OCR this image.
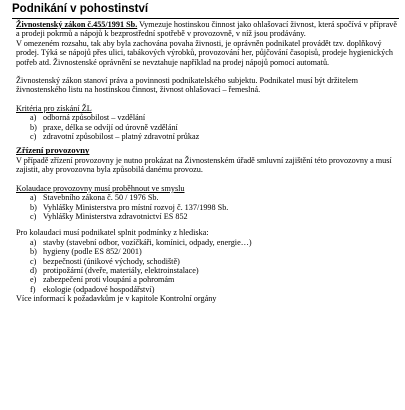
Podnikání v pohostinství

Živnostenský zákon č.455/1991 Sb. Vymezuje hostinskou činnost jako ohlašovací živnost, která spočívá v přípravě a prodeji pokrmů a nápojů k bezprostřední spotřebě v provozovně, v níž jsou prodávány.

V omezeném rozsahu, tak aby byla zachována povaha živnosti, je oprávněn podnikatel provádět tzv. doplňkový prodej. Týká se nápojů přes ulici, tabákových výrobků, provozování her, půjčování časopisů, prodeje hygienických potřeb atd. Živnostenské oprávnění se nevztahuje například na prodej nápojů pomocí automatů.

Živnostenský zákon stanoví práva a povinnosti podnikatelského subjektu. Podnikatel musí být držitelem živnostenského listu na hostinskou činnost, živnost ohlašovací – řemeslná.

Kritéria pro získání ŽL

a) odborná způsobilost – vzdělání
b) praxe, délka se odvíjí od úrovně vzdělání
c) zdravotní způsobilost – platný zdravotní průkaz

Zřízení provozovny

V případě zřízení provozovny je nutno prokázat na Živnostenském úřadě smluvní zajištění této provozovny a musí zajistit, aby provozovna byla způsobilá danému provozu.

Kolaudace provozovny musí proběhnout ve smyslu

a) Stavebního zákona č. 50 / 1976 Sb.
b) Vyhlášky Ministerstva pro místní rozvoj č. 137/1998 Sb.
c) Vyhlášky Ministerstva zdravotnictví ES 852

Pro kolaudaci musí podnikatel splnit podmínky z hlediska:

a) stavby (stavební odbor, vozíčkáři, komínici, odpady, energie…)
b) hygieny (podle ES 852/ 2001)
c) bezpečnosti (únikové východy, schodiště)
d) protipožární (dveře, materiály, elektroinstalace)
e) zabezpečení proti vloupání a pohromám
f) ekologie (odpadové hospodářství)

Více informací k požadavkům je v kapitole Kontrolní orgány
